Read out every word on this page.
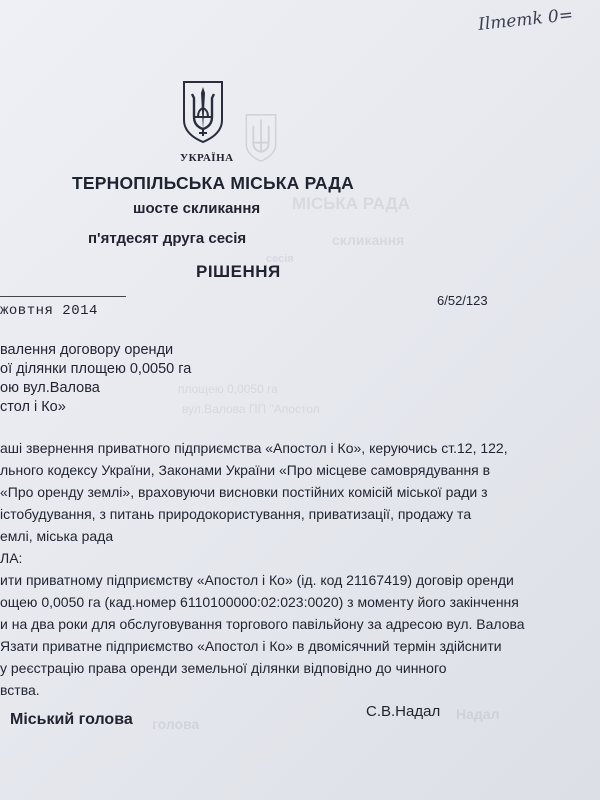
МІСЬКА РАДА
скликання
сесія
площею 0,0050 га
вул.Валова ПП "Апостол
голова
Надал
Ilmemk 0=
УКРАЇНА
ТЕРНОПІЛЬСЬКА МІСЬКА РАДА
шосте скликання
п'ятдесят друга сесія
РІШЕННЯ
жовтня 2014
6/52/123
валення договору оренди
ої ділянки площею 0,0050 га
ою вул.Валова
стол і Ко»
аші звернення приватного підприємства «Апостол і Ко», керуючись ст.12, 122,
льного кодексу України, Законами України «Про місцеве самоврядування в
«Про оренду землі», враховуючи висновки постійних комісій міської ради з
істобудування, з питань природокористування, приватизації, продажу та
емлі, міська рада
ЛА:
ити приватному підприємству «Апостол і Ко» (ід. код 21167419) договір оренди
ощею 0,0050 га (кад.номер 6110100000:02:023:0020) з моменту його закінчення
и на два роки для обслуговування торгового павільйону за адресою вул. Валова
Язати приватне підприємство «Апостол і Ко» в двомісячний термін здійснити
у реєстрацію права оренди земельної ділянки відповідно до чинного
вства.
Міський голова	С.В.Надал
